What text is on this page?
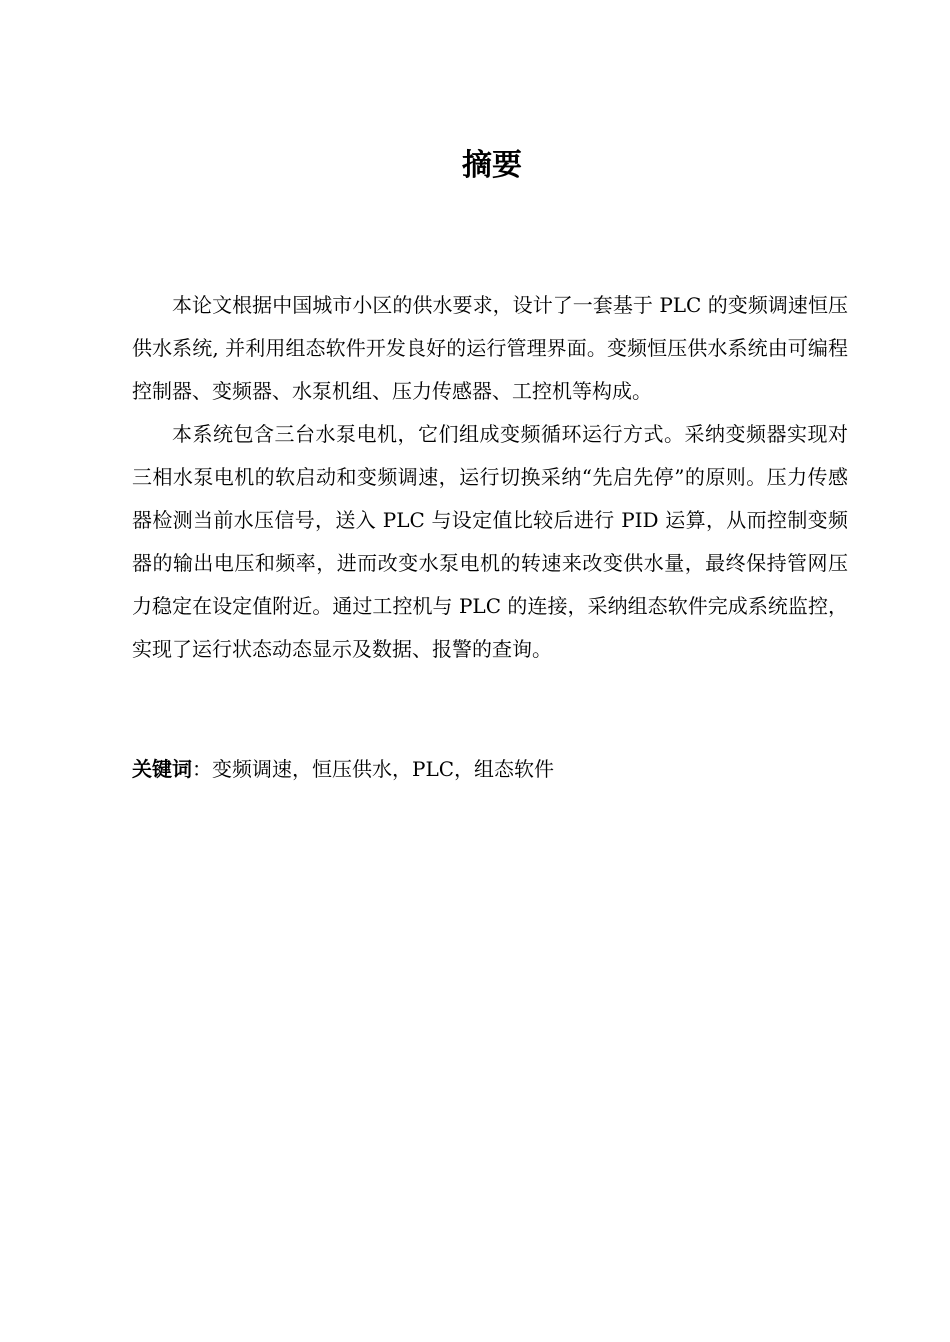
摘要

本论文根据中国城市小区的供水要求，设计了一套基于 PLC 的变频调速恒压供水系统, 并利用组态软件开发良好的运行管理界面。变频恒压供水系统由可编程控制器、变频器、水泵机组、压力传感器、工控机等构成。

本系统包含三台水泵电机，它们组成变频循环运行方式。采纳变频器实现对三相水泵电机的软启动和变频调速，运行切换采纳“先启先停”的原则。压力传感器检测当前水压信号，送入 PLC 与设定值比较后进行 PID 运算，从而控制变频器的输出电压和频率，进而改变水泵电机的转速来改变供水量，最终保持管网压力稳定在设定值附近。通过工控机与 PLC 的连接，采纳组态软件完成系统监控，实现了运行状态动态显示及数据、报警的查询。

关键词：变频调速，恒压供水，PLC，组态软件
